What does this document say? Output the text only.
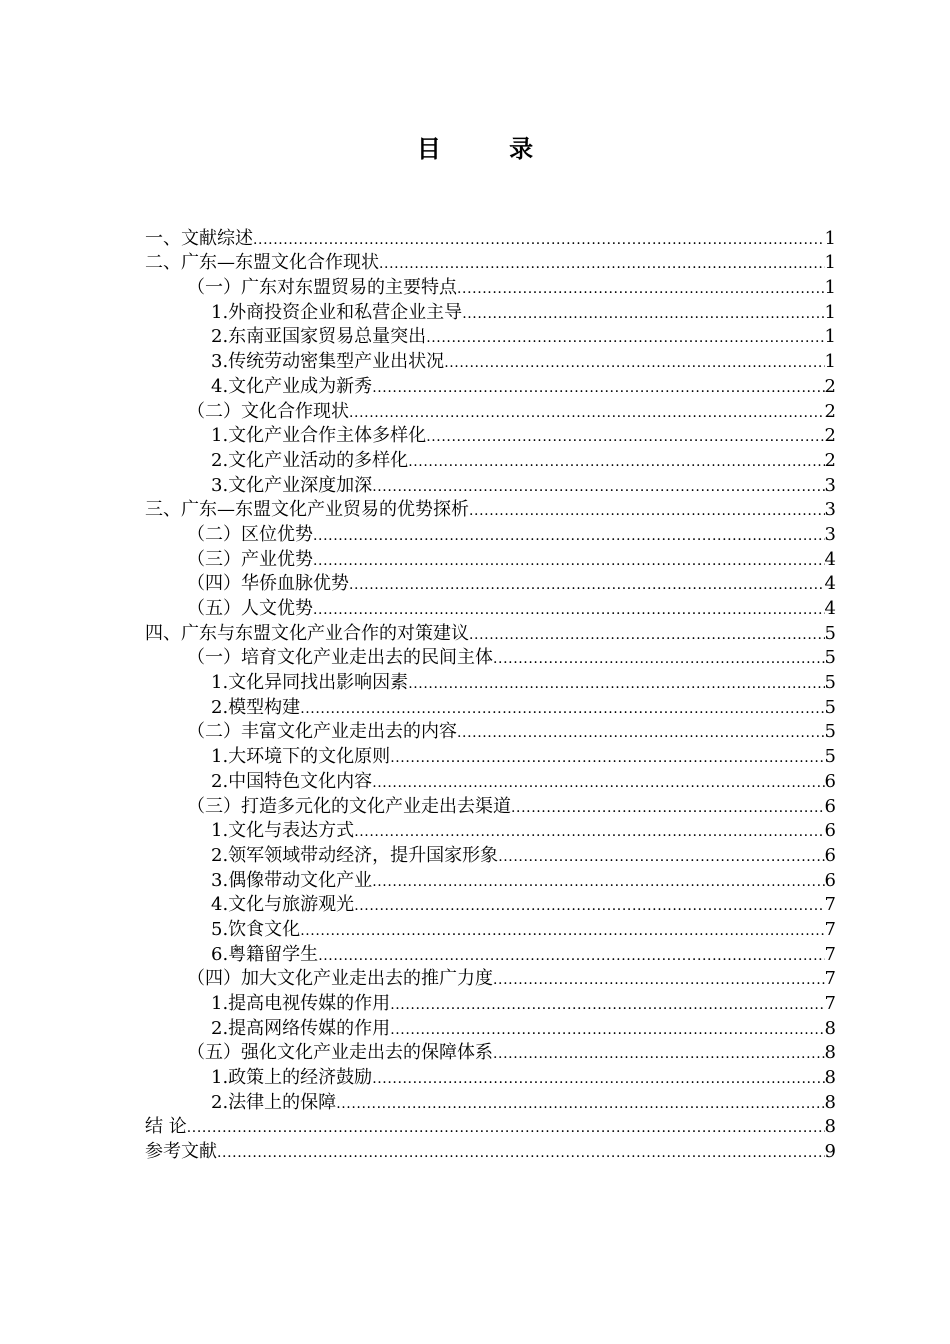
目 录
一、文献综述 .....	1
二、广东—东盟文化合作现状 .....	1
（一）广东对东盟贸易的主要特点 .....	1
1.外商投资企业和私营企业主导 .....	1
2.东南亚国家贸易总量突出 .....	1
3.传统劳动密集型产业出状况 .....	1
4.文化产业成为新秀 .....	2
（二）文化合作现状 .....	2
1.文化产业合作主体多样化 .....	2
2.文化产业活动的多样化 .....	2
3.文化产业深度加深 .....	3
三、广东—东盟文化产业贸易的优势探析 .....	3
（二）区位优势 .....	3
（三）产业优势 .....	4
（四）华侨血脉优势 .....	4
（五）人文优势 .....	4
四、广东与东盟文化产业合作的对策建议 .....	5
（一）培育文化产业走出去的民间主体 .....	5
1.文化异同找出影响因素 .....	5
2.模型构建 .....	5
（二）丰富文化产业走出去的内容 .....	5
1.大环境下的文化原则 .....	5
2.中国特色文化内容 .....	6
（三）打造多元化的文化产业走出去渠道 .....	6
1.文化与表达方式 .....	6
2.领军领域带动经济，提升国家形象 .....	6
3.偶像带动文化产业 .....	6
4.文化与旅游观光 .....	7
5.饮食文化 .....	7
6.粤籍留学生 .....	7
（四）加大文化产业走出去的推广力度 .....	7
1.提高电视传媒的作用 .....	7
2.提高网络传媒的作用 .....	8
（五）强化文化产业走出去的保障体系 .....	8
1.政策上的经济鼓励 .....	8
2.法律上的保障 .....	8
结 论 .....	8
参考文献 .....	9
